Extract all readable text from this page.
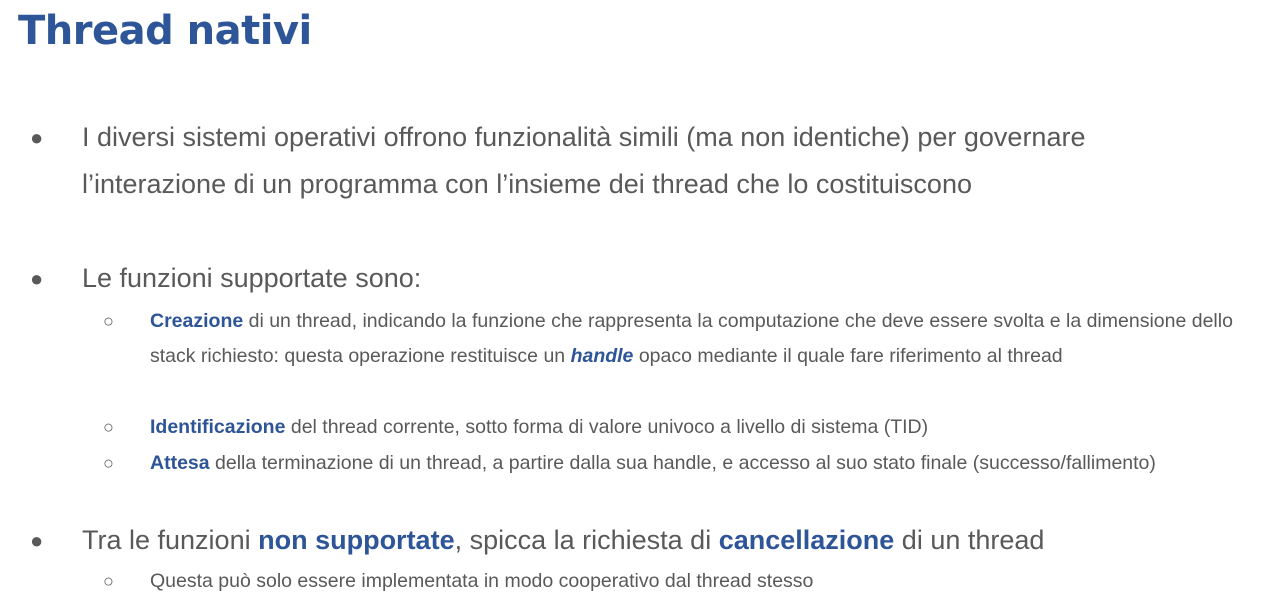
Thread nativi
● I diversi sistemi operativi offrono funzionalità simili (ma non identiche) per governare l’interazione di un programma con l’insieme dei thread che lo costituiscono
● Le funzioni supportate sono:
○	Creazione di un thread, indicando la funzione che rappresenta la computazione che deve essere svolta e la dimensione dello stack richiesto: questa operazione restituisce un handle opaco mediante il quale fare riferimento al thread
○	Identificazione del thread corrente, sotto forma di valore univoco a livello di sistema (TID)
○	Attesa della terminazione di un thread, a partire dalla sua handle, e accesso al suo stato finale (successo/fallimento)
● Tra le funzioni non supportate, spicca la richiesta di cancellazione di un thread
○	Questa può solo essere implementata in modo cooperativo dal thread stesso
